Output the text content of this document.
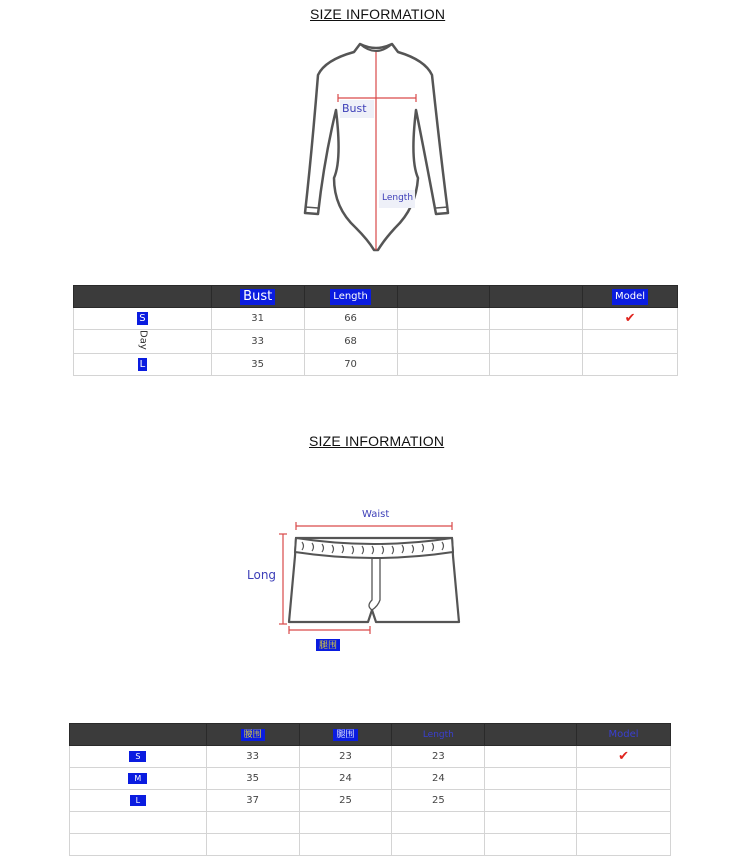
SIZE INFORMATION
Bust
Length
	Bust	Length			Model
S	31	66			✔
Day	33	68			
L	35	70			
SIZE INFORMATION
Waist
Long
腿围
	腰围	腿围	Length		Model
S	33	23	23		✔
M	35	24	24		
L	37	25	25		
